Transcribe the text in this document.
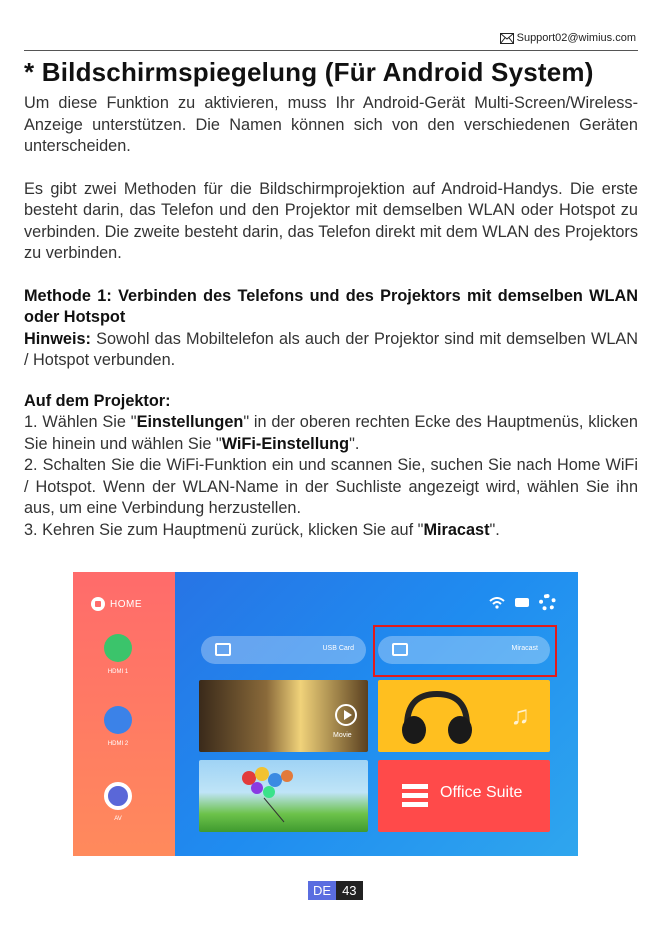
Support02@wimius.com
* Bildschirmspiegelung (Für Android System)

Um diese Funktion zu aktivieren, muss Ihr Android-Gerät Multi-Screen/Wireless-Anzeige unterstützen. Die Namen können sich von den verschiedenen Geräten unterscheiden.

Es gibt zwei Methoden für die Bildschirmprojektion auf Android-Handys. Die erste besteht darin, das Telefon und den Projektor mit demselben WLAN oder Hotspot zu verbinden. Die zweite besteht darin, das Telefon direkt mit dem WLAN des Projektors zu verbinden.

Methode 1: Verbinden des Telefons und des Projektors mit demselben WLAN oder Hotspot

Hinweis: Sowohl das Mobiltelefon als auch der Projektor sind mit demselben WLAN / Hotspot verbunden.

Auf dem Projektor:

1. Wählen Sie "Einstellungen" in der oberen rechten Ecke des Hauptmenüs, klicken Sie hinein und wählen Sie "WiFi-Einstellung".

2. Schalten Sie die WiFi-Funktion ein und scannen Sie, suchen Sie nach Home WiFi / Hotspot. Wenn der WLAN-Name in der Suchliste angezeigt wird, wählen Sie ihn aus, um eine Verbindung herzustellen.

3. Kehren Sie zum Hauptmenü zurück, klicken Sie auf "Miracast".

HOME
HDMI 1
HDMI 2
AV
USB Card	Miracast
Movie
♫
Office Suite
DE 43
